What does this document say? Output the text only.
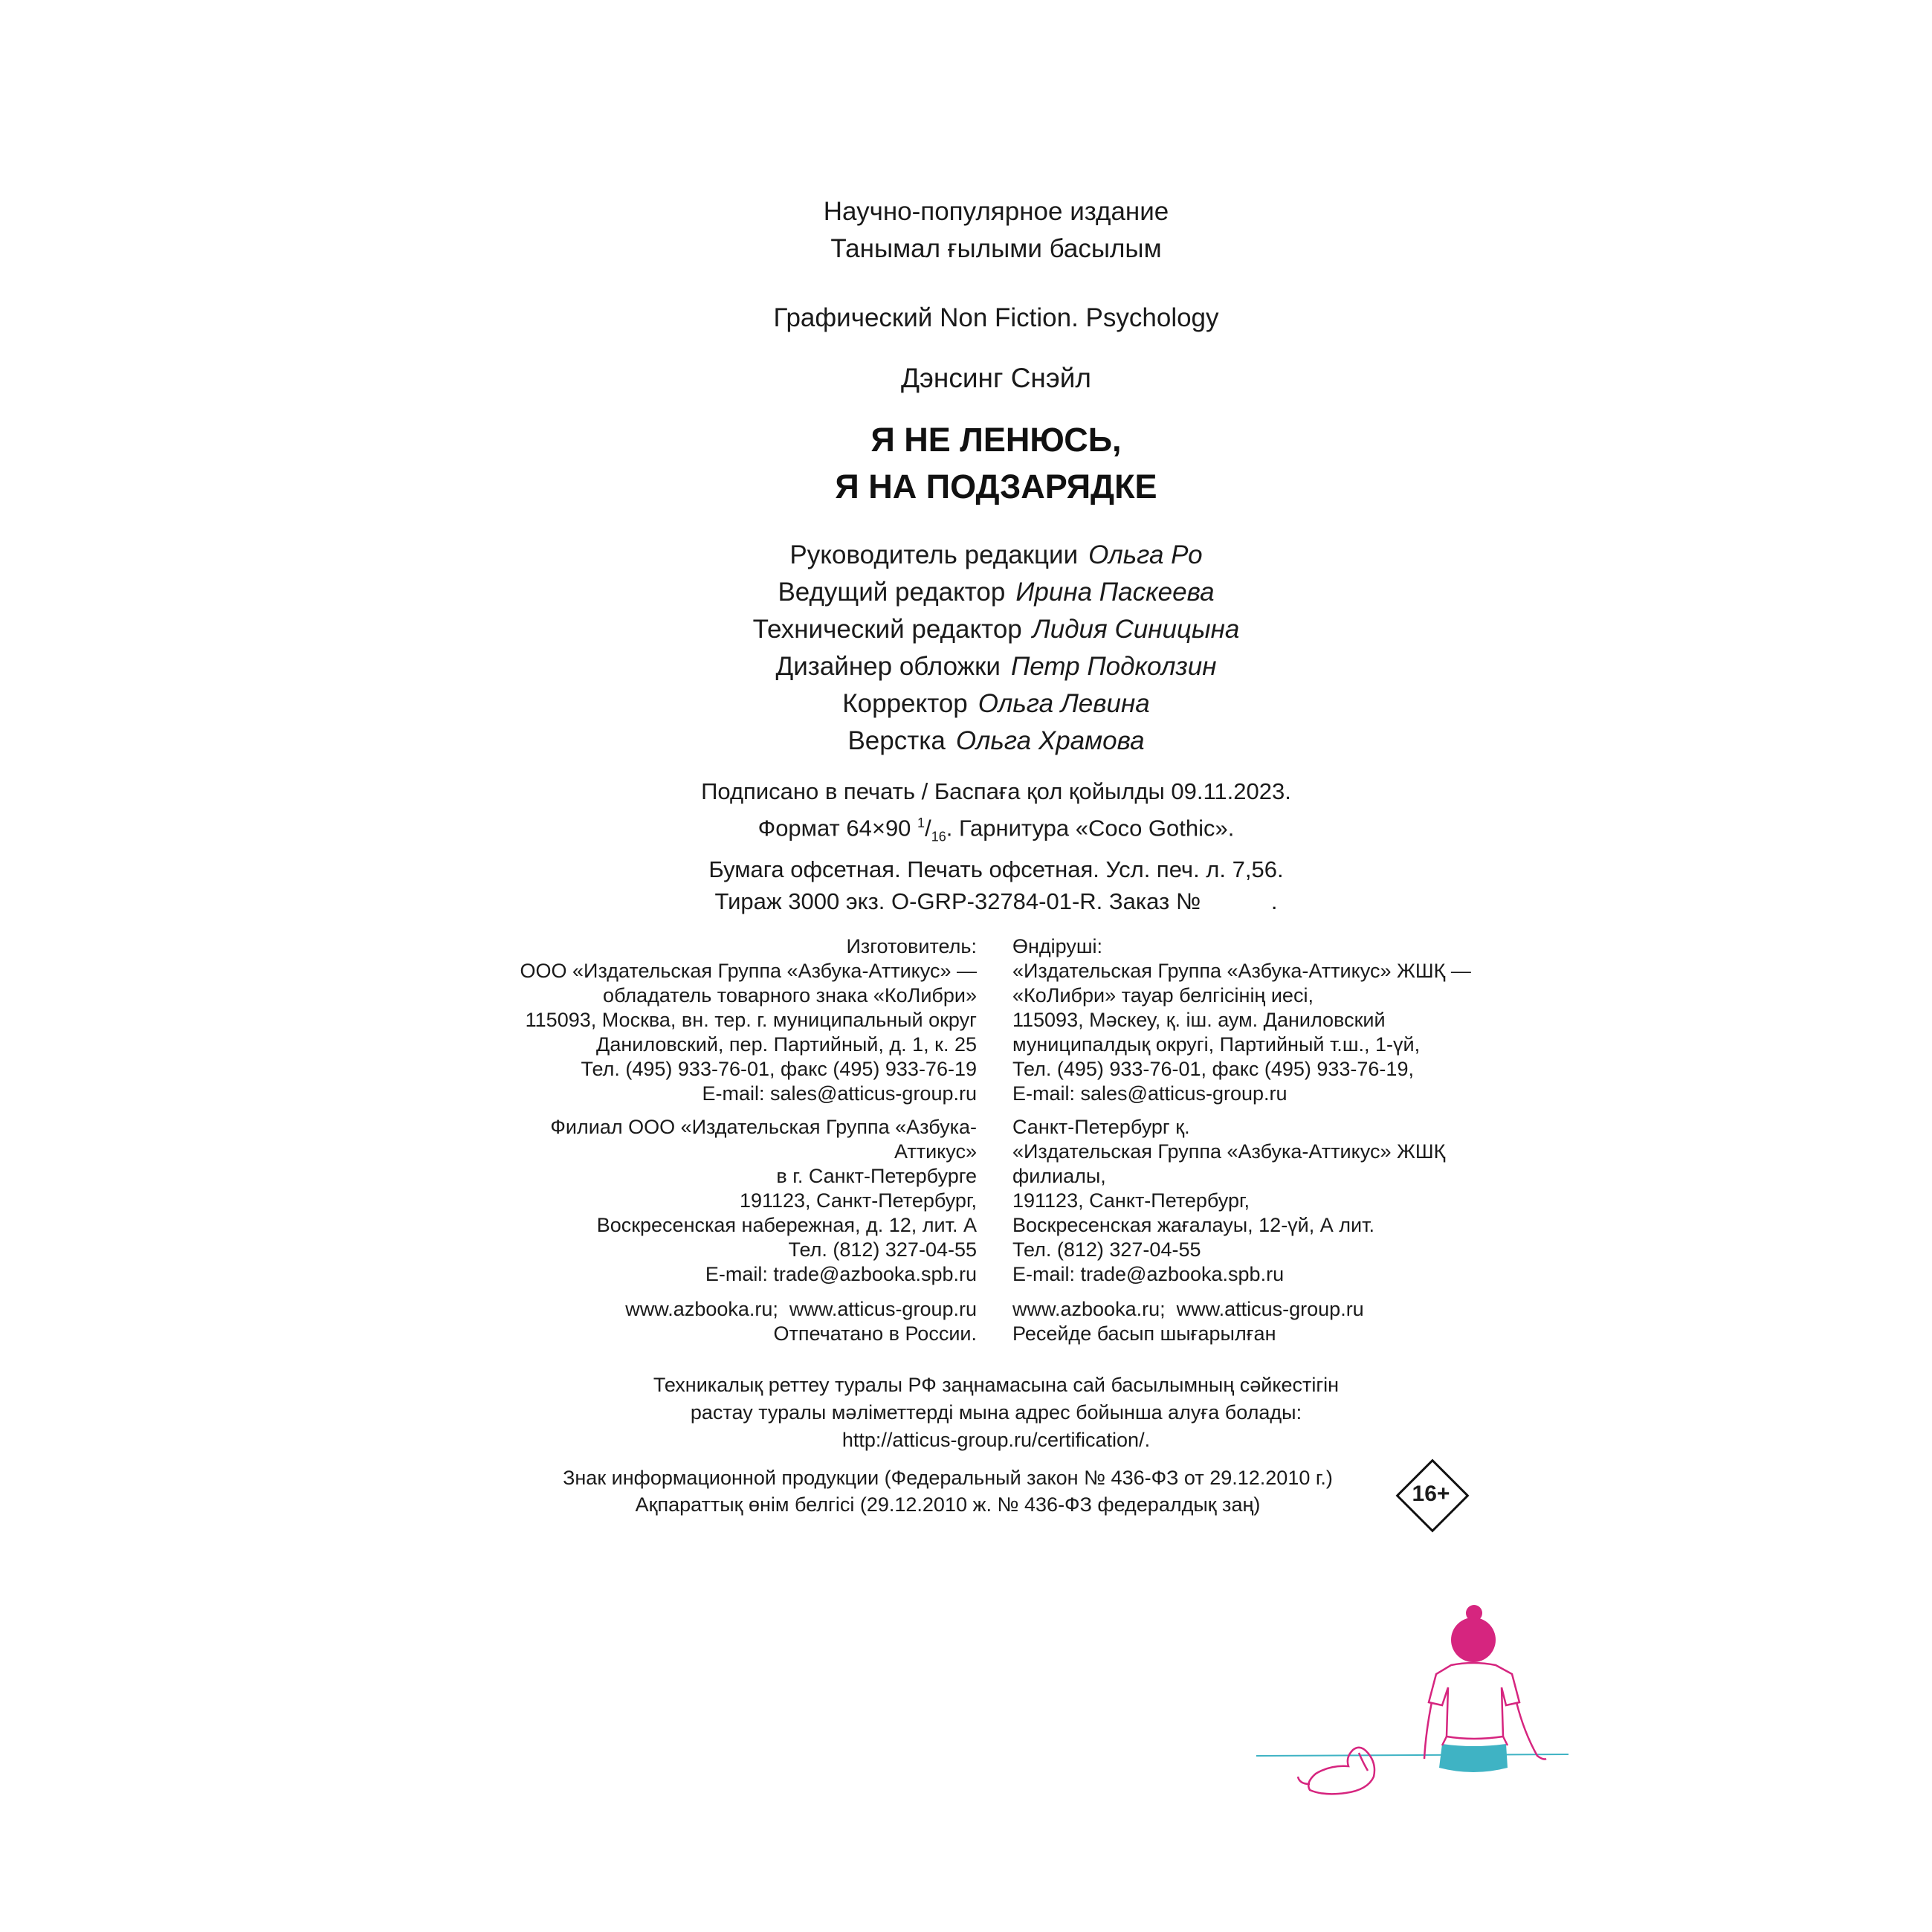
Научно-популярное издание
Танымал ғылыми басылым
Графический Non Fiction. Psychology
Дэнсинг Снэйл
Я НЕ ЛЕНЮСЬ,
Я НА ПОДЗАРЯДКЕ
Руководитель редакции Ольга Ро
Ведущий редактор Ирина Паскеева
Технический редактор Лидия Синицына
Дизайнер обложки Петр Подколзин
Корректор Ольга Левина
Верстка Ольга Храмова
Подписано в печать / Баспаға қол қойылды 09.11.2023.
Формат 64×90 $^1/_{16}$. Гарнитура «Coco Gothic».
Бумага офсетная. Печать офсетная. Усл. печ. л. 7,56.
Тираж 3000 экз. O-GRP-32784-01-R. Заказ №           .
Изготовитель:
ООО «Издательская Группа «Азбука-Аттикус» —
обладатель товарного знака «КоЛибри»
115093, Москва, вн. тер. г. муниципальный округ
Даниловский, пер. Партийный, д. 1, к. 25
Тел. (495) 933-76-01, факс (495) 933-76-19
E-mail: sales@atticus-group.ru
Өндіруші:
«Издательская Группа «Азбука-Аттикус» ЖШҚ —
«КоЛибри» тауар белгісінің иесі,
115093, Мәскеу, қ. іш. аум. Даниловский
муниципалдық округі, Партийный т.ш., 1-үй,
Тел. (495) 933-76-01, факс (495) 933-76-19,
E-mail: sales@atticus-group.ru
Филиал ООО «Издательская Группа «Азбука-
Аттикус»
в г. Санкт-Петербурге
191123, Санкт-Петербург,
Воскресенская набережная, д. 12, лит. А
Тел. (812) 327-04-55
E-mail: trade@azbooka.spb.ru
Санкт-Петербург қ.
«Издательская Группа «Азбука-Аттикус» ЖШҚ
филиалы,
191123, Санкт-Петербург,
Воскресенская жағалауы, 12-үй, А лит.
Тел. (812) 327-04-55
E-mail: trade@azbooka.spb.ru
www.azbooka.ru;  www.atticus-group.ru
Отпечатано в России.
www.azbooka.ru;  www.atticus-group.ru
Ресейде басып шығарылған
Техникалық реттеу туралы РФ заңнамасына сай басылымның сәйкестігін
растау туралы мәліметтерді мына адрес бойынша алуға болады:
http://atticus-group.ru/certification/.
Знак информационной продукции (Федеральный закон № 436-ФЗ от 29.12.2010 г.)
Ақпараттық өнім белгісі (29.12.2010 ж. № 436-ФЗ федералдық заң)	16+
